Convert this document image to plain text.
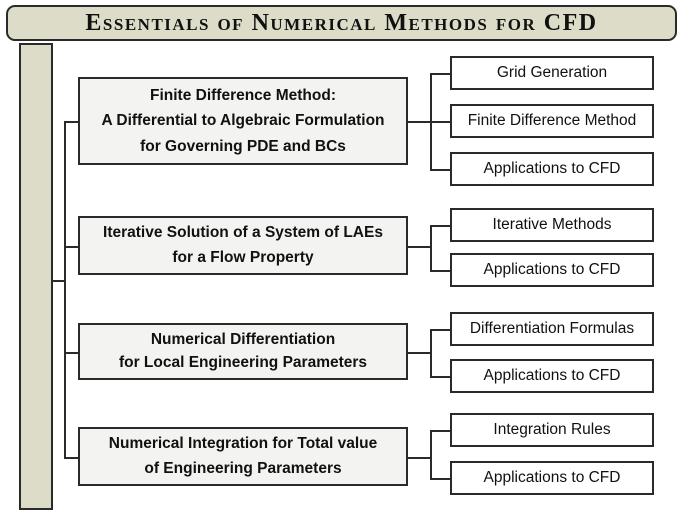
Essentials of Numerical Methods for CFD
Finite Difference Method:
A Differential to Algebraic Formulation
for Governing PDE and BCs
Grid Generation
Finite Difference Method
Applications to CFD
Iterative Solution of a System of LAEs
for a Flow Property
Iterative Methods
Applications to CFD
Numerical Differentiation
for Local Engineering Parameters
Differentiation Formulas
Applications to CFD
Numerical Integration for Total value
of Engineering Parameters
Integration Rules
Applications to CFD
